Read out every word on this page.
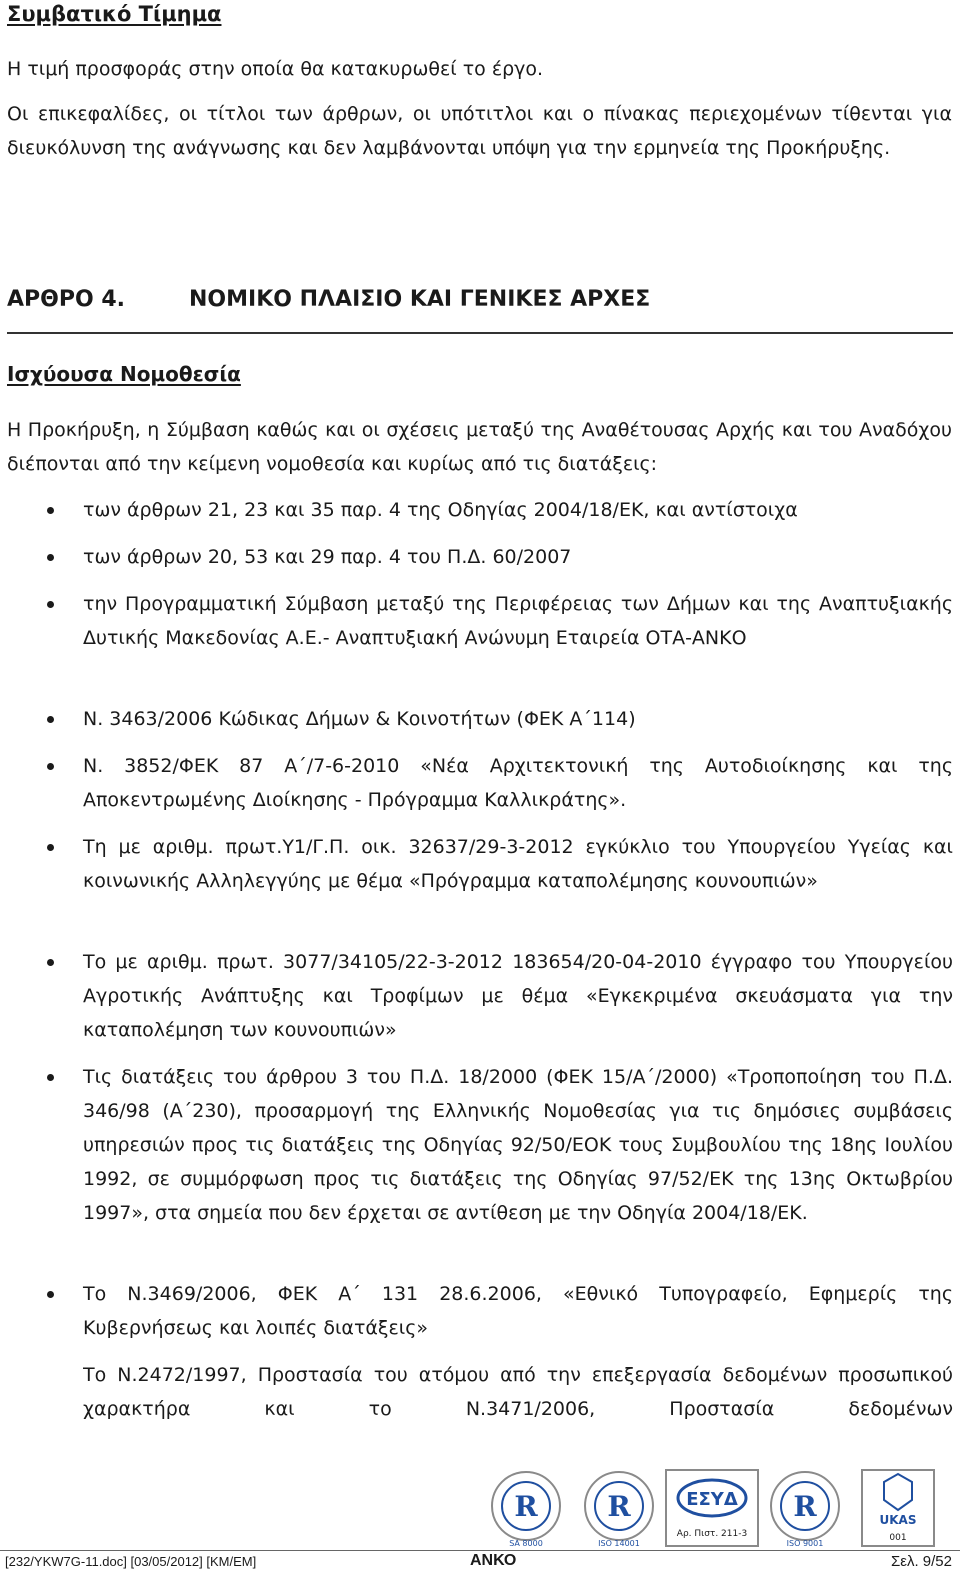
Συμβατικό Τίμημα

Η τιμή προσφοράς στην οποία θα κατακυρωθεί το έργο.

Οι επικεφαλίδες, οι τίτλοι των άρθρων, οι υπότιτλοι και ο πίνακας περιεχομένων τίθενται για διευκόλυνση της ανάγνωσης και δεν λαμβάνονται υπόψη για την ερμηνεία της Προκήρυξης.

ΑΡΘΡΟ 4.	ΝΟΜΙΚΟ ΠΛΑΙΣΙΟ ΚΑΙ ΓΕΝΙΚΕΣ ΑΡΧΕΣ
Ισχύουσα Νομοθεσία

Η Προκήρυξη, η Σύμβαση καθώς και οι σχέσεις μεταξύ της Αναθέτουσας Αρχής και του Αναδόχου διέπονται από την κείμενη νομοθεσία και κυρίως από τις διατάξεις:

των άρθρων 21, 23 και 35 παρ. 4 της Οδηγίας 2004/18/ΕΚ, και αντίστοιχα
των άρθρων 20, 53 και 29 παρ. 4 του Π.Δ. 60/2007
την Προγραμματική Σύμβαση μεταξύ της Περιφέρειας των Δήμων και της Αναπτυξιακής Δυτικής Μακεδονίας Α.Ε.- Αναπτυξιακή Ανώνυμη Εταιρεία ΟΤΑ-ΑΝΚΟ
Ν. 3463/2006 Κώδικας Δήμων & Κοινοτήτων (ΦΕΚ Α΄114)
Ν. 3852/ΦΕΚ 87 Α΄/7-6-2010 «Νέα Αρχιτεκτονική της Αυτοδιοίκησης και της Αποκεντρωμένης Διοίκησης - Πρόγραμμα Καλλικράτης».
Τη με αριθμ. πρωτ.Υ1/Γ.Π. οικ. 32637/29-3-2012 εγκύκλιο του Υπουργείου Υγείας και κοινωνικής Αλληλεγγύης με θέμα «Πρόγραμμα καταπολέμησης κουνουπιών»
Το με αριθμ. πρωτ. 3077/34105/22-3-2012 183654/20-04-2010 έγγραφο του Υπουργείου Αγροτικής Ανάπτυξης και Τροφίμων με θέμα «Εγκεκριμένα σκευάσματα για την καταπολέμηση των κουνουπιών»
Τις διατάξεις του άρθρου 3 του Π.Δ. 18/2000 (ΦΕΚ 15/Α΄/2000) «Τροποποίηση του Π.Δ. 346/98 (Α΄230), προσαρμογή της Ελληνικής Νομοθεσίας για τις δημόσιες συμβάσεις υπηρεσιών προς τις διατάξεις της Οδηγίας 92/50/ΕΟΚ τους Συμβουλίου της 18ης Ιουλίου 1992, σε συμμόρφωση προς τις διατάξεις της Οδηγίας 97/52/ΕΚ της 13ης Οκτωβρίου 1997», στα σημεία που δεν έρχεται σε αντίθεση με την Οδηγία 2004/18/ΕΚ.
Το Ν.3469/2006, ΦΕΚ Α΄ 131 28.6.2006, «Εθνικό Τυπογραφείο, Εφημερίς της Κυβερνήσεως και λοιπές διατάξεις»
Το Ν.2472/1997, Προστασία του ατόμου από την επεξεργασία δεδομένων προσωπικού χαρακτήρα και το Ν.3471/2006, Προστασία δεδομένων
R
SA 8000
R
ISO 14001
ΕΣΥΔ
Αρ. Πιστ. 211-3
R
ISO 9001
UKAS
001
[232/YKW7G-11.doc] [03/05/2012] [KM/EM]	ΑΝΚΟ	Σελ. 9/52
